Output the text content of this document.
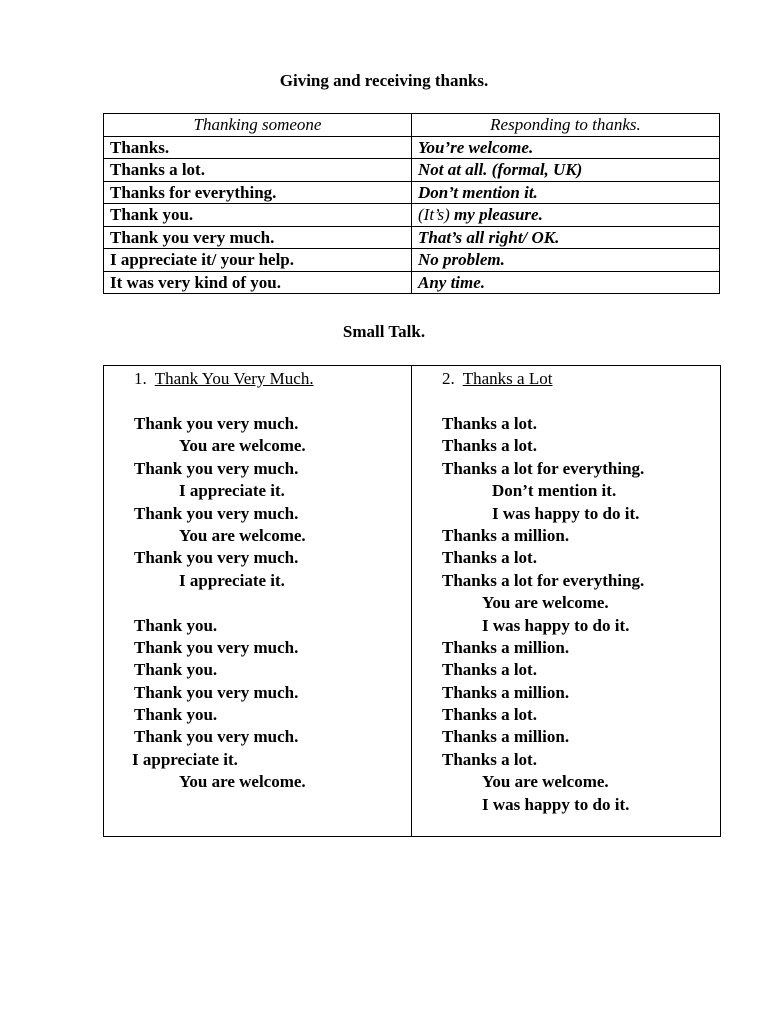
Giving and receiving thanks.
Thanking someone	Responding to thanks.
Thanks.	You’re welcome.
Thanks a lot.	Not at all. (formal, UK)
Thanks for everything.	Don’t mention it.
Thank you.	(It’s) my pleasure.
Thank you very much.	That’s all right/ OK.
I appreciate it/ your help.	No problem.
It was very kind of you.	Any time.
Small Talk.
1. Thank You Very Much.
Thank you very much.
You are welcome.
Thank you very much.
I appreciate it.
Thank you very much.
You are welcome.
Thank you very much.
I appreciate it.
Thank you.
Thank you very much.
Thank you.
Thank you very much.
Thank you.
Thank you very much.
I appreciate it.
You are welcome.
2. Thanks a Lot
Thanks a lot.
Thanks a lot.
Thanks a lot for everything.
Don’t mention it.
I was happy to do it.
Thanks a million.
Thanks a lot.
Thanks a lot for everything.
You are welcome.
I was happy to do it.
Thanks a million.
Thanks a lot.
Thanks a million.
Thanks a lot.
Thanks a million.
Thanks a lot.
You are welcome.
I was happy to do it.
